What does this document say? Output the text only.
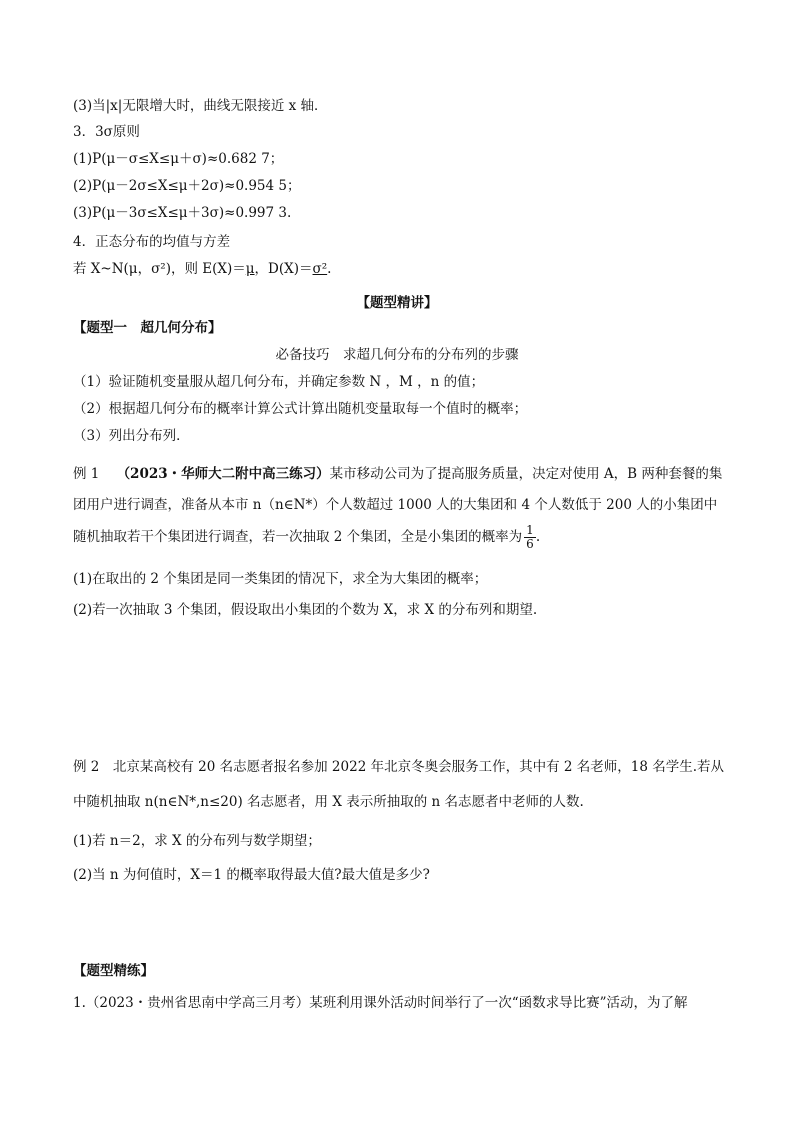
(3)当|x|无限增大时，曲线无限接近 x 轴．
3．3σ原则
(1)P(μ－σ≤X≤μ＋σ)≈0.682 7；
(2)P(μ－2σ≤X≤μ＋2σ)≈0.954 5；
(3)P(μ－3σ≤X≤μ＋3σ)≈0.997 3.
4．正态分布的均值与方差
若 X~N(μ，σ²)，则 E(X)＝μ，D(X)＝σ².
【题型精讲】
【题型一　超几何分布】
必备技巧　求超几何分布的分布列的步骤
（1）验证随机变量服从超几何分布，并确定参数 N ，M ，n 的值；
（2）根据超几何分布的概率计算公式计算出随机变量取每一个值时的概率；
（3）列出分布列．
例 1 （2023・华师大二附中高三练习）某市移动公司为了提高服务质量，决定对使用 A，B 两种套餐的集
团用户进行调查，准备从本市 n（n∈N*）个人数超过 1000 人的大集团和 4 个人数低于 200 人的小集团中
随机抽取若干个集团进行调查，若一次抽取 2 个集团，全是小集团的概率为 $\frac{1}{6}$ .
(1)在取出的 2 个集团是同一类集团的情况下，求全为大集团的概率；
(2)若一次抽取 3 个集团，假设取出小集团的个数为 X，求 X 的分布列和期望.
例 2　北京某高校有 20 名志愿者报名参加 2022 年北京冬奥会服务工作，其中有 2 名老师，18 名学生.若从
中随机抽取 n(n∈N*,n≤20) 名志愿者，用 X 表示所抽取的 n 名志愿者中老师的人数.
(1)若 n＝2，求 X 的分布列与数学期望；
(2)当 n 为何值时，X＝1 的概率取得最大值?最大值是多少?
【题型精练】
1.（2023・贵州省思南中学高三月考）某班利用课外活动时间举行了一次“函数求导比赛”活动，为了解
